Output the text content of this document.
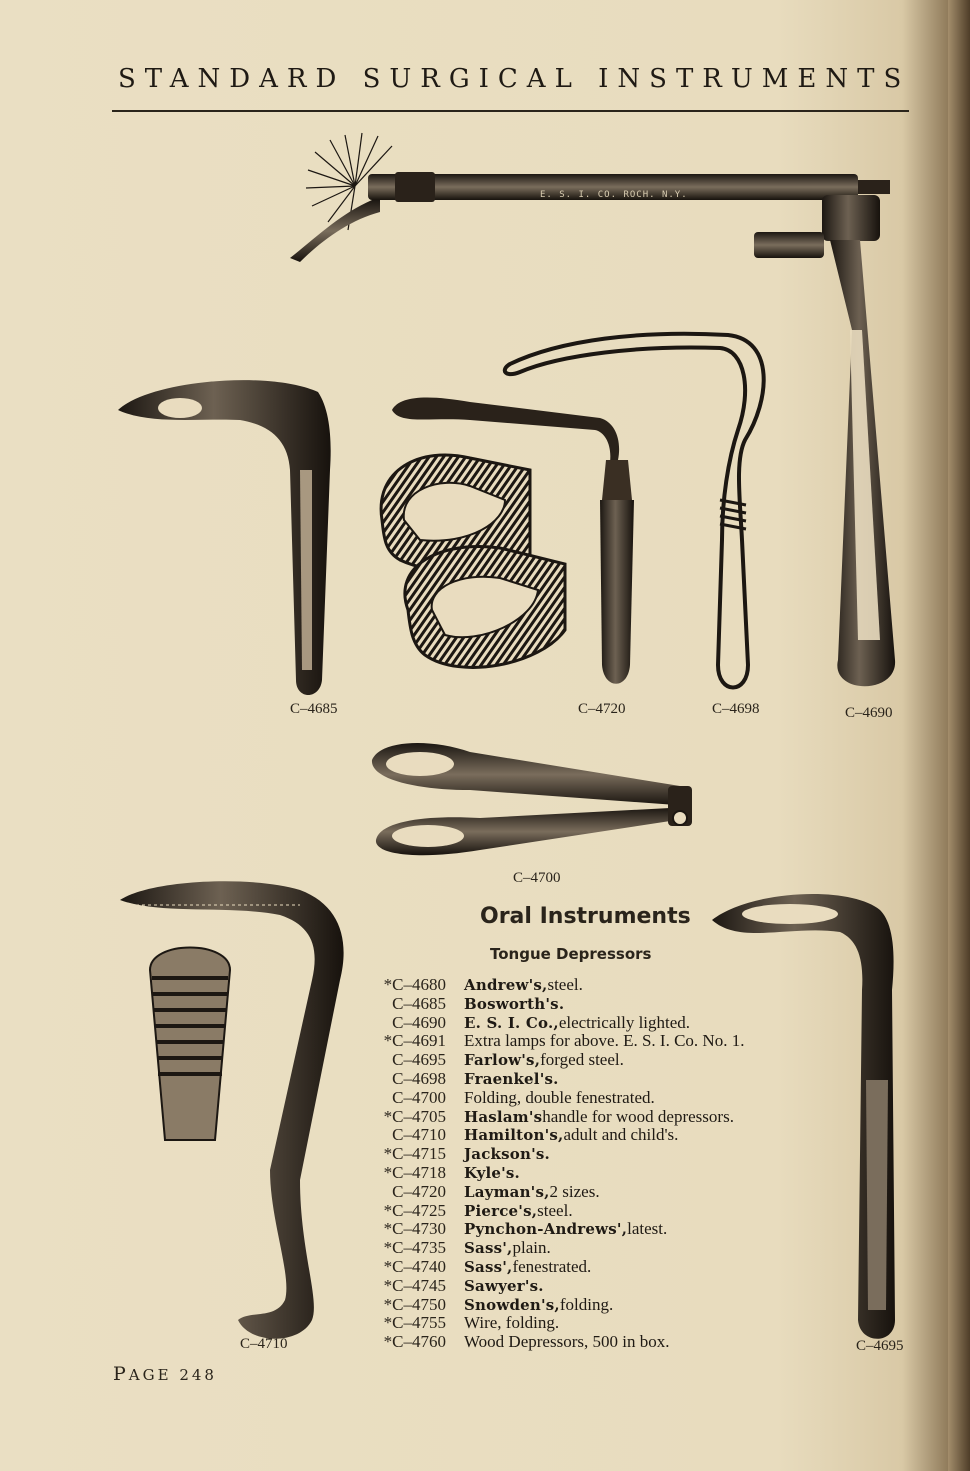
STANDARD SURGICAL INSTRUMENTS
E. S. I. CO. ROCH. N.Y.
C–4685	C–4720	C–4698	C–4690
C–4700
C–4710	C–4695
Oral Instruments
Tongue Depressors
*C–4680	Andrew's, steel.
C–4685	Bosworth's.
C–4690	E. S. I. Co., electrically lighted.
*C–4691	Extra lamps for above. E. S. I. Co. No. 1.
C–4695	Farlow's, forged steel.
C–4698	Fraenkel's.
C–4700	Folding, double fenestrated.
*C–4705	Haslam's handle for wood depressors.
C–4710	Hamilton's, adult and child's.
*C–4715	Jackson's.
*C–4718	Kyle's.
C–4720	Layman's, 2 sizes.
*C–4725	Pierce's, steel.
*C–4730	Pynchon-Andrews', latest.
*C–4735	Sass', plain.
*C–4740	Sass', fenestrated.
*C–4745	Sawyer's.
*C–4750	Snowden's, folding.
*C–4755	Wire, folding.
*C–4760	Wood Depressors, 500 in box.
PAGE 248
